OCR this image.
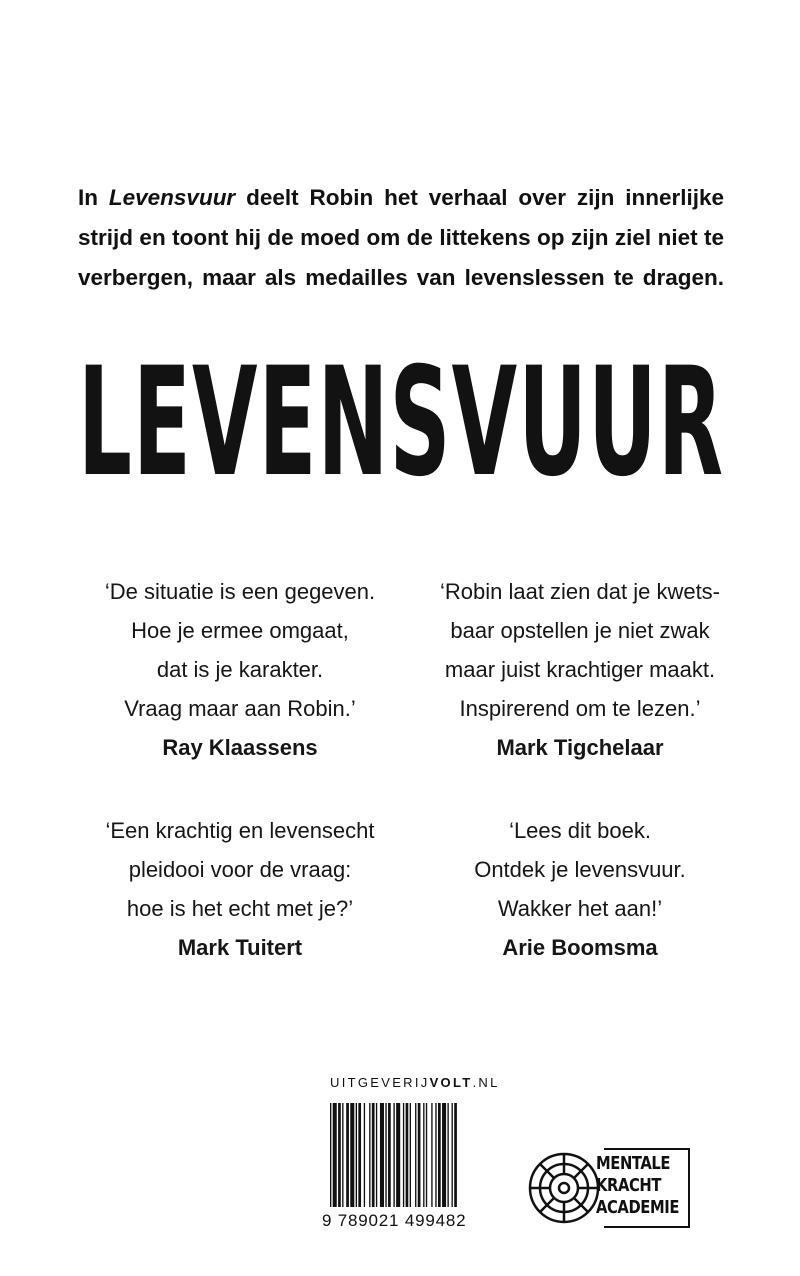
In Levensvuur deelt Robin het verhaal over zijn innerlijke
strijd en toont hij de moed om de littekens op zijn ziel niet te
verbergen, maar als medailles van levenslessen te dragen.
LEVENSVUUR
‘De situatie is een gegeven.
Hoe je ermee omgaat,
dat is je karakter.
Vraag maar aan Robin.’
Ray Klaassens
‘Robin laat zien dat je kwets-
baar opstellen je niet zwak
maar juist krachtiger maakt.
Inspirerend om te lezen.’
Mark Tigchelaar
‘Een krachtig en levensecht
pleidooi voor de vraag:
hoe is het echt met je?’
Mark Tuitert
‘Lees dit boek.
Ontdek je levensvuur.
Wakker het aan!’
Arie Boomsma
UITGEVERIJVOLT.NL
9 789021 499482
MENTALE
KRACHT
ACADEMIE
